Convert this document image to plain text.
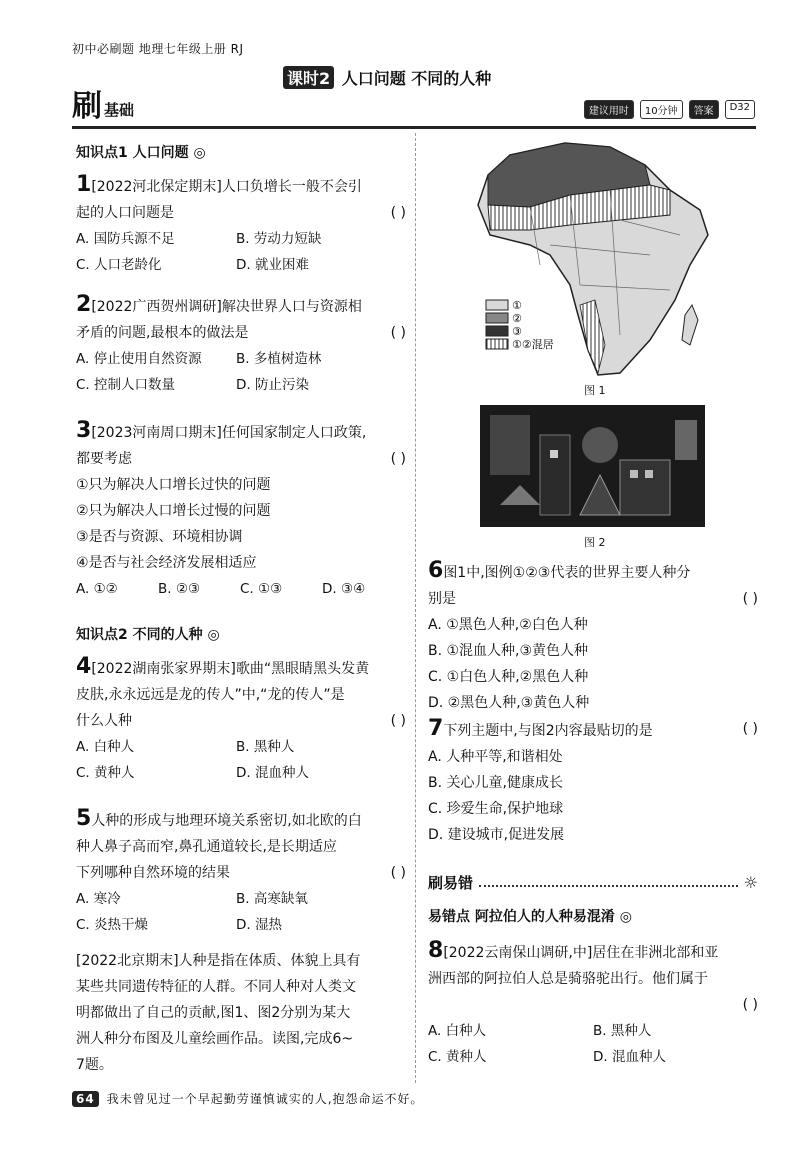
初中必刷题 地理七年级上册 RJ
课时2 人口问题 不同的人种
刷 基础	建议用时	10分钟	答案	D32
知识点1 人口问题 ◎
1[2022河北保定期末]人口负增长一般不会引
起的人口问题是	( )
A. 国防兵源不足	B. 劳动力短缺
C. 人口老龄化	D. 就业困难
2[2022广西贺州调研]解决世界人口与资源相
矛盾的问题,最根本的做法是	( )
A. 停止使用自然资源	B. 多植树造林
C. 控制人口数量	D. 防止污染
3[2023河南周口期末]任何国家制定人口政策,
都要考虑	( )
①只为解决人口增长过快的问题
②只为解决人口增长过慢的问题
③是否与资源、环境相协调
④是否与社会经济发展相适应
A. ①②	B. ②③	C. ①③	D. ③④
知识点2 不同的人种 ◎
4[2022湖南张家界期末]歌曲“黑眼睛黑头发黄
皮肤,永永远远是龙的传人”中,“龙的传人”是
什么人种	( )
A. 白种人	B. 黑种人
C. 黄种人	D. 混血种人
5人种的形成与地理环境关系密切,如北欧的白
种人鼻子高而窄,鼻孔通道较长,是长期适应
下列哪种自然环境的结果	( )
A. 寒冷	B. 高寒缺氧
C. 炎热干燥	D. 湿热
[2022北京期末]人种是指在体质、体貌上具有
某些共同遗传特征的人群。不同人种对人类文
明都做出了自己的贡献,图1、图2分别为某大
洲人种分布图及儿童绘画作品。读图,完成6~
7题。
①
②
③
①②混居
图 1
图 2
6图1中,图例①②③代表的世界主要人种分
别是	( )
A. ①黑色人种,②白色人种
B. ①混血人种,③黄色人种
C. ①白色人种,②黑色人种
D. ②黑色人种,③黄色人种
7下列主题中,与图2内容最贴切的是	( )
A. 人种平等,和谐相处
B. 关心儿童,健康成长
C. 珍爱生命,保护地球
D. 建设城市,促进发展
刷易错	☼
易错点 阿拉伯人的人种易混淆 ◎
8[2022云南保山调研,中]居住在非洲北部和亚
洲西部的阿拉伯人总是骑骆驼出行。他们属于
( )
A. 白种人	B. 黑种人
C. 黄种人	D. 混血种人
64	我未曾见过一个早起勤劳谨慎诚实的人,抱怨命运不好。
